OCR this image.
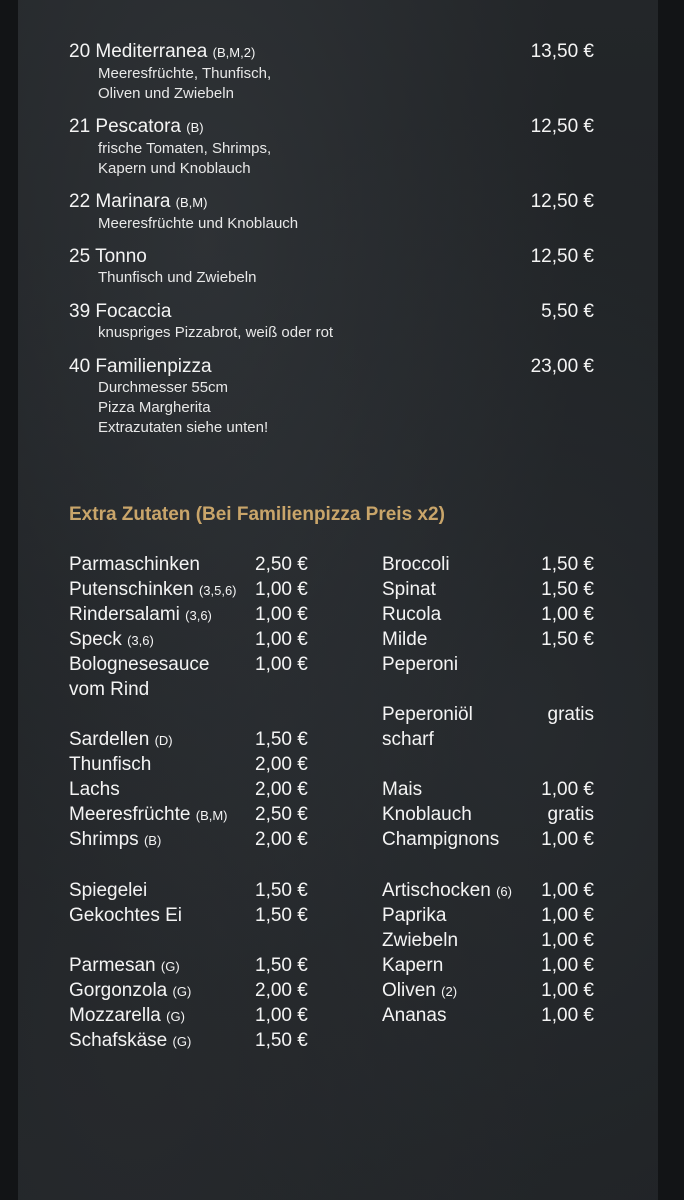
20 Mediterranea (B,M,2)	13,50 €
Meeresfrüchte, Thunfisch,
Oliven und Zwiebeln
21 Pescatora (B)	12,50 €
frische Tomaten, Shrimps,
Kapern und Knoblauch
22 Marinara (B,M)	12,50 €
Meeresfrüchte und Knoblauch
25 Tonno	12,50 €
Thunfisch und Zwiebeln
39 Focaccia	5,50 €
knuspriges Pizzabrot, weiß oder rot
40 Familienpizza	23,00 €
Durchmesser 55cm
Pizza Margherita
Extrazutaten siehe unten!
Extra Zutaten (Bei Familienpizza Preis x2)
Parmaschinken	2,50 €
Putenschinken (3,5,6) 1,00 €
Rindersalami (3,6) 1,00 €
Speck (3,6)	1,00 €
Bolognesesauce 1,00 €
vom Rind
Sardellen (D)	1,50 €
Thunfisch	2,00 €
Lachs	2,00 €
Meeresfrüchte (B,M) 2,50 €
Shrimps (B)	2,00 €
Spiegelei	1,50 €
Gekochtes Ei	1,50 €
Parmesan (G)	1,50 €
Gorgonzola (G)	2,00 €
Mozzarella (G)	1,00 €
Schafskäse (G)	1,50 €
Broccoli	1,50 €
Spinat	1,50 €
Rucola	1,00 €
Milde	1,50 €
Peperoni
Peperoniöl	gratis
scharf
Mais	1,00 €
Knoblauch	gratis
Champignons 1,00 €
Artischocken (6) 1,00 €
Paprika	1,00 €
Zwiebeln	1,00 €
Kapern	1,00 €
Oliven (2)	1,00 €
Ananas	1,00 €
